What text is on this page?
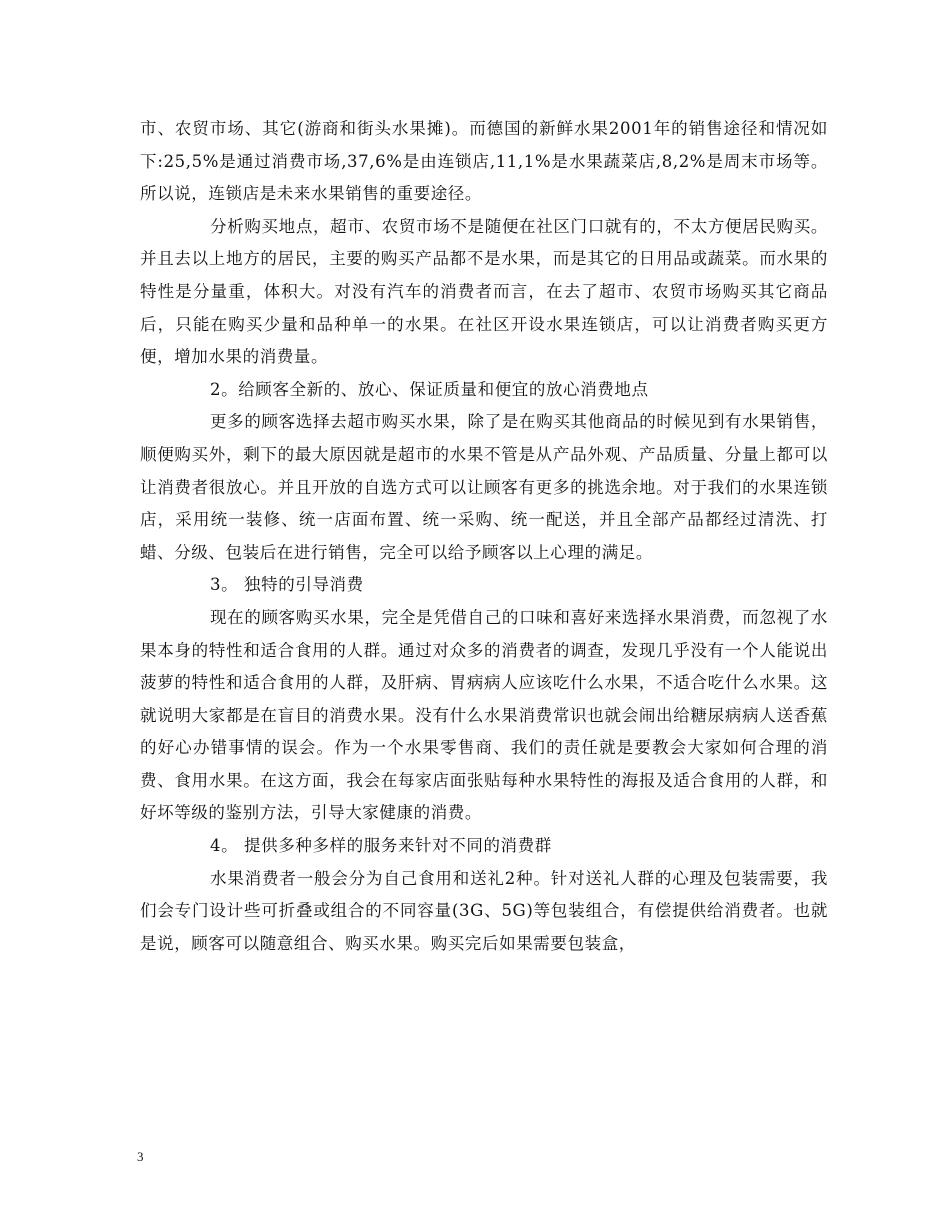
市、农贸市场、其它(游商和街头水果摊)。而德国的新鲜水果2001年的销售途径和情况如下:25,5%是通过消费市场,37,6%是由连锁店,11,1%是水果蔬菜店,8,2%是周末市场等。所以说，连锁店是未来水果销售的重要途径。

分析购买地点，超市、农贸市场不是随便在社区门口就有的，不太方便居民购买。并且去以上地方的居民，主要的购买产品都不是水果，而是其它的日用品或蔬菜。而水果的特性是分量重，体积大。对没有汽车的消费者而言，在去了超市、农贸市场购买其它商品后，只能在购买少量和品种单一的水果。在社区开设水果连锁店，可以让消费者购买更方便，增加水果的消费量。

2。给顾客全新的、放心、保证质量和便宜的放心消费地点

更多的顾客选择去超市购买水果，除了是在购买其他商品的时候见到有水果销售，顺便购买外，剩下的最大原因就是超市的水果不管是从产品外观、产品质量、分量上都可以让消费者很放心。并且开放的自选方式可以让顾客有更多的挑选余地。对于我们的水果连锁店，采用统一装修、统一店面布置、统一采购、统一配送，并且全部产品都经过清洗、打蜡、分级、包装后在进行销售，完全可以给予顾客以上心理的满足。

3。 独特的引导消费

现在的顾客购买水果，完全是凭借自己的口味和喜好来选择水果消费，而忽视了水果本身的特性和适合食用的人群。通过对众多的消费者的调查，发现几乎没有一个人能说出菠萝的特性和适合食用的人群，及肝病、胃病病人应该吃什么水果，不适合吃什么水果。这就说明大家都是在盲目的消费水果。没有什么水果消费常识也就会闹出给糖尿病病人送香蕉的好心办错事情的误会。作为一个水果零售商、我们的责任就是要教会大家如何合理的消费、食用水果。在这方面，我会在每家店面张贴每种水果特性的海报及适合食用的人群，和好坏等级的鉴别方法，引导大家健康的消费。

4。 提供多种多样的服务来针对不同的消费群

水果消费者一般会分为自己食用和送礼2种。针对送礼人群的心理及包装需要，我们会专门设计些可折叠或组合的不同容量(3G、5G)等包装组合，有偿提供给消费者。也就是说，顾客可以随意组合、购买水果。购买完后如果需要包装盒，

3
